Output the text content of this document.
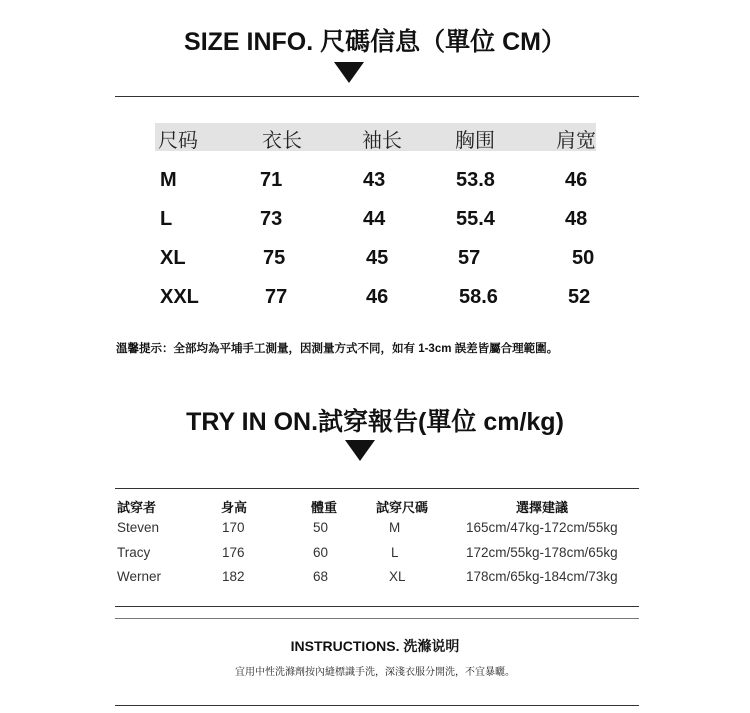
SIZE INFO. 尺碼信息（單位 CM）
尺码	衣长	袖长	胸围	肩宽
M	71	43	53.8	46
L	73	44	55.4	48
XL	75	45	57	50
XXL	77	46	58.6	52
溫馨提示：全部均為平埔手工測量，因測量方式不同，如有 1-3cm 誤差皆屬合理範圍。
TRY IN ON.試穿報告(單位 cm/kg)
試穿者	身高	體重	試穿尺碼	選擇建議
Steven	170	50	M	165cm/47kg-172cm/55kg
Tracy	176	60	L	172cm/55kg-178cm/65kg
Werner	182	68	XL	178cm/65kg-184cm/73kg
INSTRUCTIONS. 洗滌说明
宜用中性洗滌劑按內縫標識手洗，深淺衣服分開洗，不宜暴曬。
